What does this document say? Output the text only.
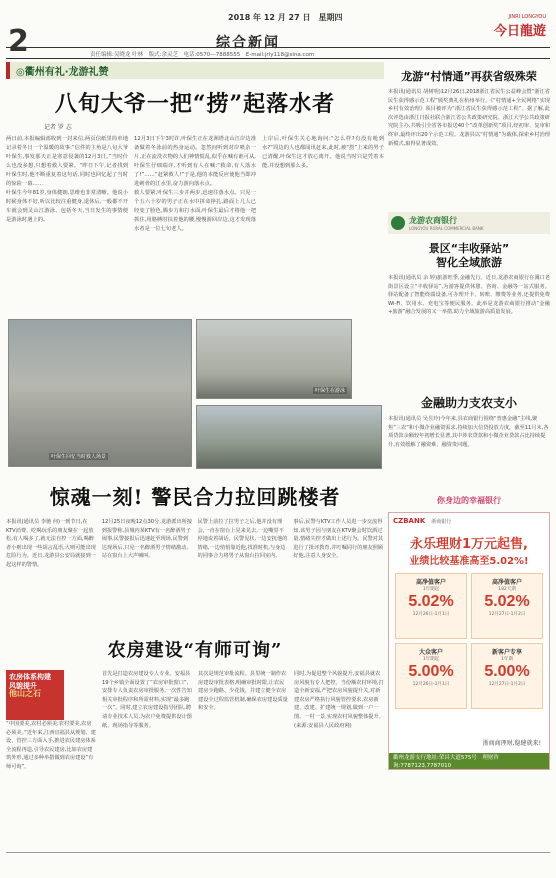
2
2018 年 12 月 27 日　星期四	JINRI LONGYOU
今日龍遊
综合新闻
责任编辑:吴晓龙 叶林　版式:余灵芝　电话:0570—7888555　E-mail:jrly118@sina.com
◎衢州有礼·龙游礼赞
八旬大爷一把“捞”起落水者
记者 罗 志

两日前,本报编辑部收到一封来信,两页信纸里简单地记录着冬日一个温暖的故事:“信件的主角是八旬大爷叶保生,事发那天正是寒意侵袭的12月3日。”当时什么也没多想,只想着救人要紧。“昨日下午,记者找到叶保生时,他不断重复着这句话,同时也回忆起了当时的惊险一幕……

叶保生今年81岁,身体健朗,思维也非常清晰。他说小时候身体不好,听以比较注重健身,退休后,一般都不开车就会到灵山江游泳、包括冬天,当日发生的事情便是游泳时遇上的。

12月3日下午3时许,叶保生正在龙洲塔北山江岸边准备做着冬泳前的热身运动。忽然间听到对岸喷杂一片,正在流洗衣物的人们神情慌乱,似乎在喊有谁可从,叶保生仔细端详,才听到有人在喊:“救命,有人落水了!”……“赶紧救人!”于是,他的本能反应使他当即冲进刺骨的江水里,奋力游向落水点。

救人要紧,叶保生三步并两步,迅速往落水点。只见一个五六十岁的男子正在水中拼命挣扎,路面上几人已经变了脸色,腾步力和打水面,叶保生最后才将他一把抓住,用胳膊肘扶着他的腰,慢慢游回岸边,这才发现落水者是一位七旬老人。

上岸后,叶保生关心地询问:“怎么样?有没有呛到水?”周边的人也都闻讯赶来,此时,被“捞”上来的男子已清醒,叶保生这才放心离开。他说当时只是凭着本能,并没想到那么多。

叶保生回忆当时救人场景
叶保生在游泳
惊魂一刻! 警民合力拉回跳楼者

本报讯(通讯员 李驰 何)一到节日,在KTV消费、吃喝玩乐的朋友聚在一起放松,有人喝多了,就无法自控一方面,喝醉者小则出现一些胡言乱语,大则可能出现危险行为。近日,龙游县公安局就接到一起这样的警情。

12月25日夜晚12点30分,龙游派出所接到报警称,县城内某KTV有一名醉酒男子闹事,民警接报后迅速赶至现场,民警到达现场后,只见一名醉酒男子情绪激动,站在窗台上大声喊叫。

民警上前拉了拉男子之后,他并没有理会,一直在窗台上晃来晃去,一边嘴里不停地说着胡话。民警见状,一边安抚他的情绪,一边悄悄靠近他,找准时机,与身边的同事合力将男子从窗台拉回室内。

事后,民警与KTV工作人员进一步交流得知,该男子因与朋友在KTV聚会时饮酒过量,情绪失控才做出上述行为。民警对其进行了批评教育,并叮嘱同行的朋友照顾好他,注意人身安全。

农房建设“有师可询”
农房体系构建
风貌提升
他山之石

“中国要美,农村必须美;农村要美,农房必须美。”近年来,江西宜福县从规划、建设、管控三方面入手,推进农民建房体系全流程再造,引导农民建房,比如农房建筑外形,通过多种举措做到农房建设“有师可询”。

首先是打造农房建设专人专业。安福县19个乡镇全面设置了“农房审批窗口”,安排专人负责农房审批服务,一次性告知相关审批程序和所需材料,实现“最多跑一次”。同时,建立农房建设指导团队,聘请专业技术人员,为农户免费提供设计图纸、现场指导等服务。

其次是规范审批流程。县里统一制作农房建设审批表格,明确审批时限,让农民建房少跑路、少花钱。并建立健全农房建设全过程监管机制,确保农房建设质量和安全。

同时,为促进整个风貌提升,安福县就农房风貌有专人把控。当份额农村环境,打造全新安福,严把农房风貌提升关,对新建农房严格执行风貌管控要求,农房新建、改建、扩建统一规划,做到一户一图、一村一景,实现农村风貌整体提升。(来源:安福县人民政府网)

龙游“村情通”再获省级殊荣
本报讯(通讯员 胡树明)12月26日,2018浙江省民生公益峰会暨“浙江省民生获得感示范工程”颁奖典礼在杭州举行。《“村情通+全民网格”实现乡村有效治理》项目被评为“浙江省民生获得感示范工程”。据了解,此次评选由浙江日报社联合浙江省公共政策研究院、浙江大学公共政策研究院主办,共吸引全省各市报送40个“改革创新奖”项目,经初审、复审和终审,最终评出20个示范工程。龙游县以“村情通”为载体,探索乡村治理新模式,取得显著成效。
龙游农商银行
LONGYOU RURAL COMMERCIAL BANK
景区“丰收驿站”
智化全域旅游
本报讯(通讯员 余 婷)旅游旺季,金融先行。近日,龙游农商银行在溪口老街景区设立“丰收驿站”,为游客提供休憩、咨询、金融等一站式服务。驿站配备了智能终端设备,可办理开卡、转账、缴费等业务,还提供免费Wi-Fi、饮用水、充电宝等便民服务。此举是龙游农商银行推动“金融+旅游”融合发展的又一举措,助力全域旅游高质量发展。
金融助力支农支小
本报讯(通讯员 吴昱玲)今年来,县农商银行围绕“普惠金融”主线,聚焦“三农”和小微企业融资需求,持续加大信贷投放力度。截至11月末,各项贷款余额较年初增长显著,其中涉农贷款和小微企业贷款占比持续提升,有效缓解了融资难、融资贵问题。
你身边的幸福银行
CZBANK 浙商银行
永乐理财1万元起售,
业绩比较基准高至5.02%!
高净值客户
1年期起
5.02%
12月26日-1月1日
高净值客户
182天期
5.02%
12月27日-1月2日
大众客户
1年期起
5.00%
12月26日-1月1日
新客户专享
1年期
5.00%
12月27日-1月2日
浙商商理财,稳健就来!
衢州龙游支行地址:荣昌大道575号　理财咨询:7787123,7787010
